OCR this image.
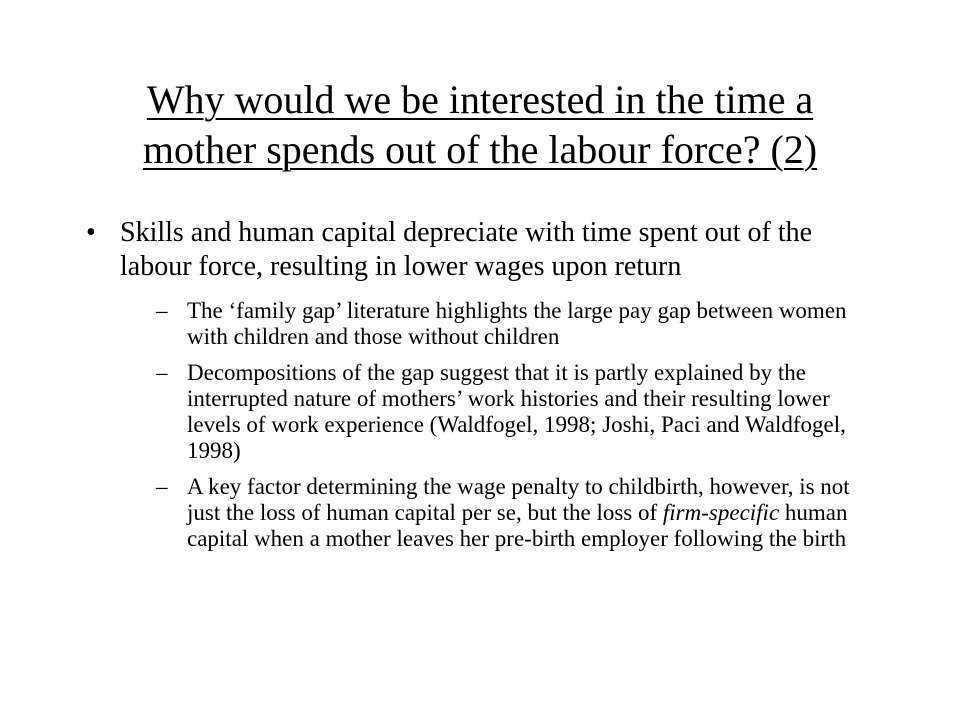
Why would we be interested in the time a
mother spends out of the labour force? (2)
• Skills and human capital depreciate with time spent out of the labour force, resulting in lower wages upon return
– The ‘family gap’ literature highlights the large pay gap between women with children and those without children
– Decompositions of the gap suggest that it is partly explained by the interrupted nature of mothers’ work histories and their resulting lower levels of work experience (Waldfogel, 1998; Joshi, Paci and Waldfogel, 1998)
– A key factor determining the wage penalty to childbirth, however, is not just the loss of human capital per se, but the loss of firm-specific human capital when a mother leaves her pre-birth employer following the birth
